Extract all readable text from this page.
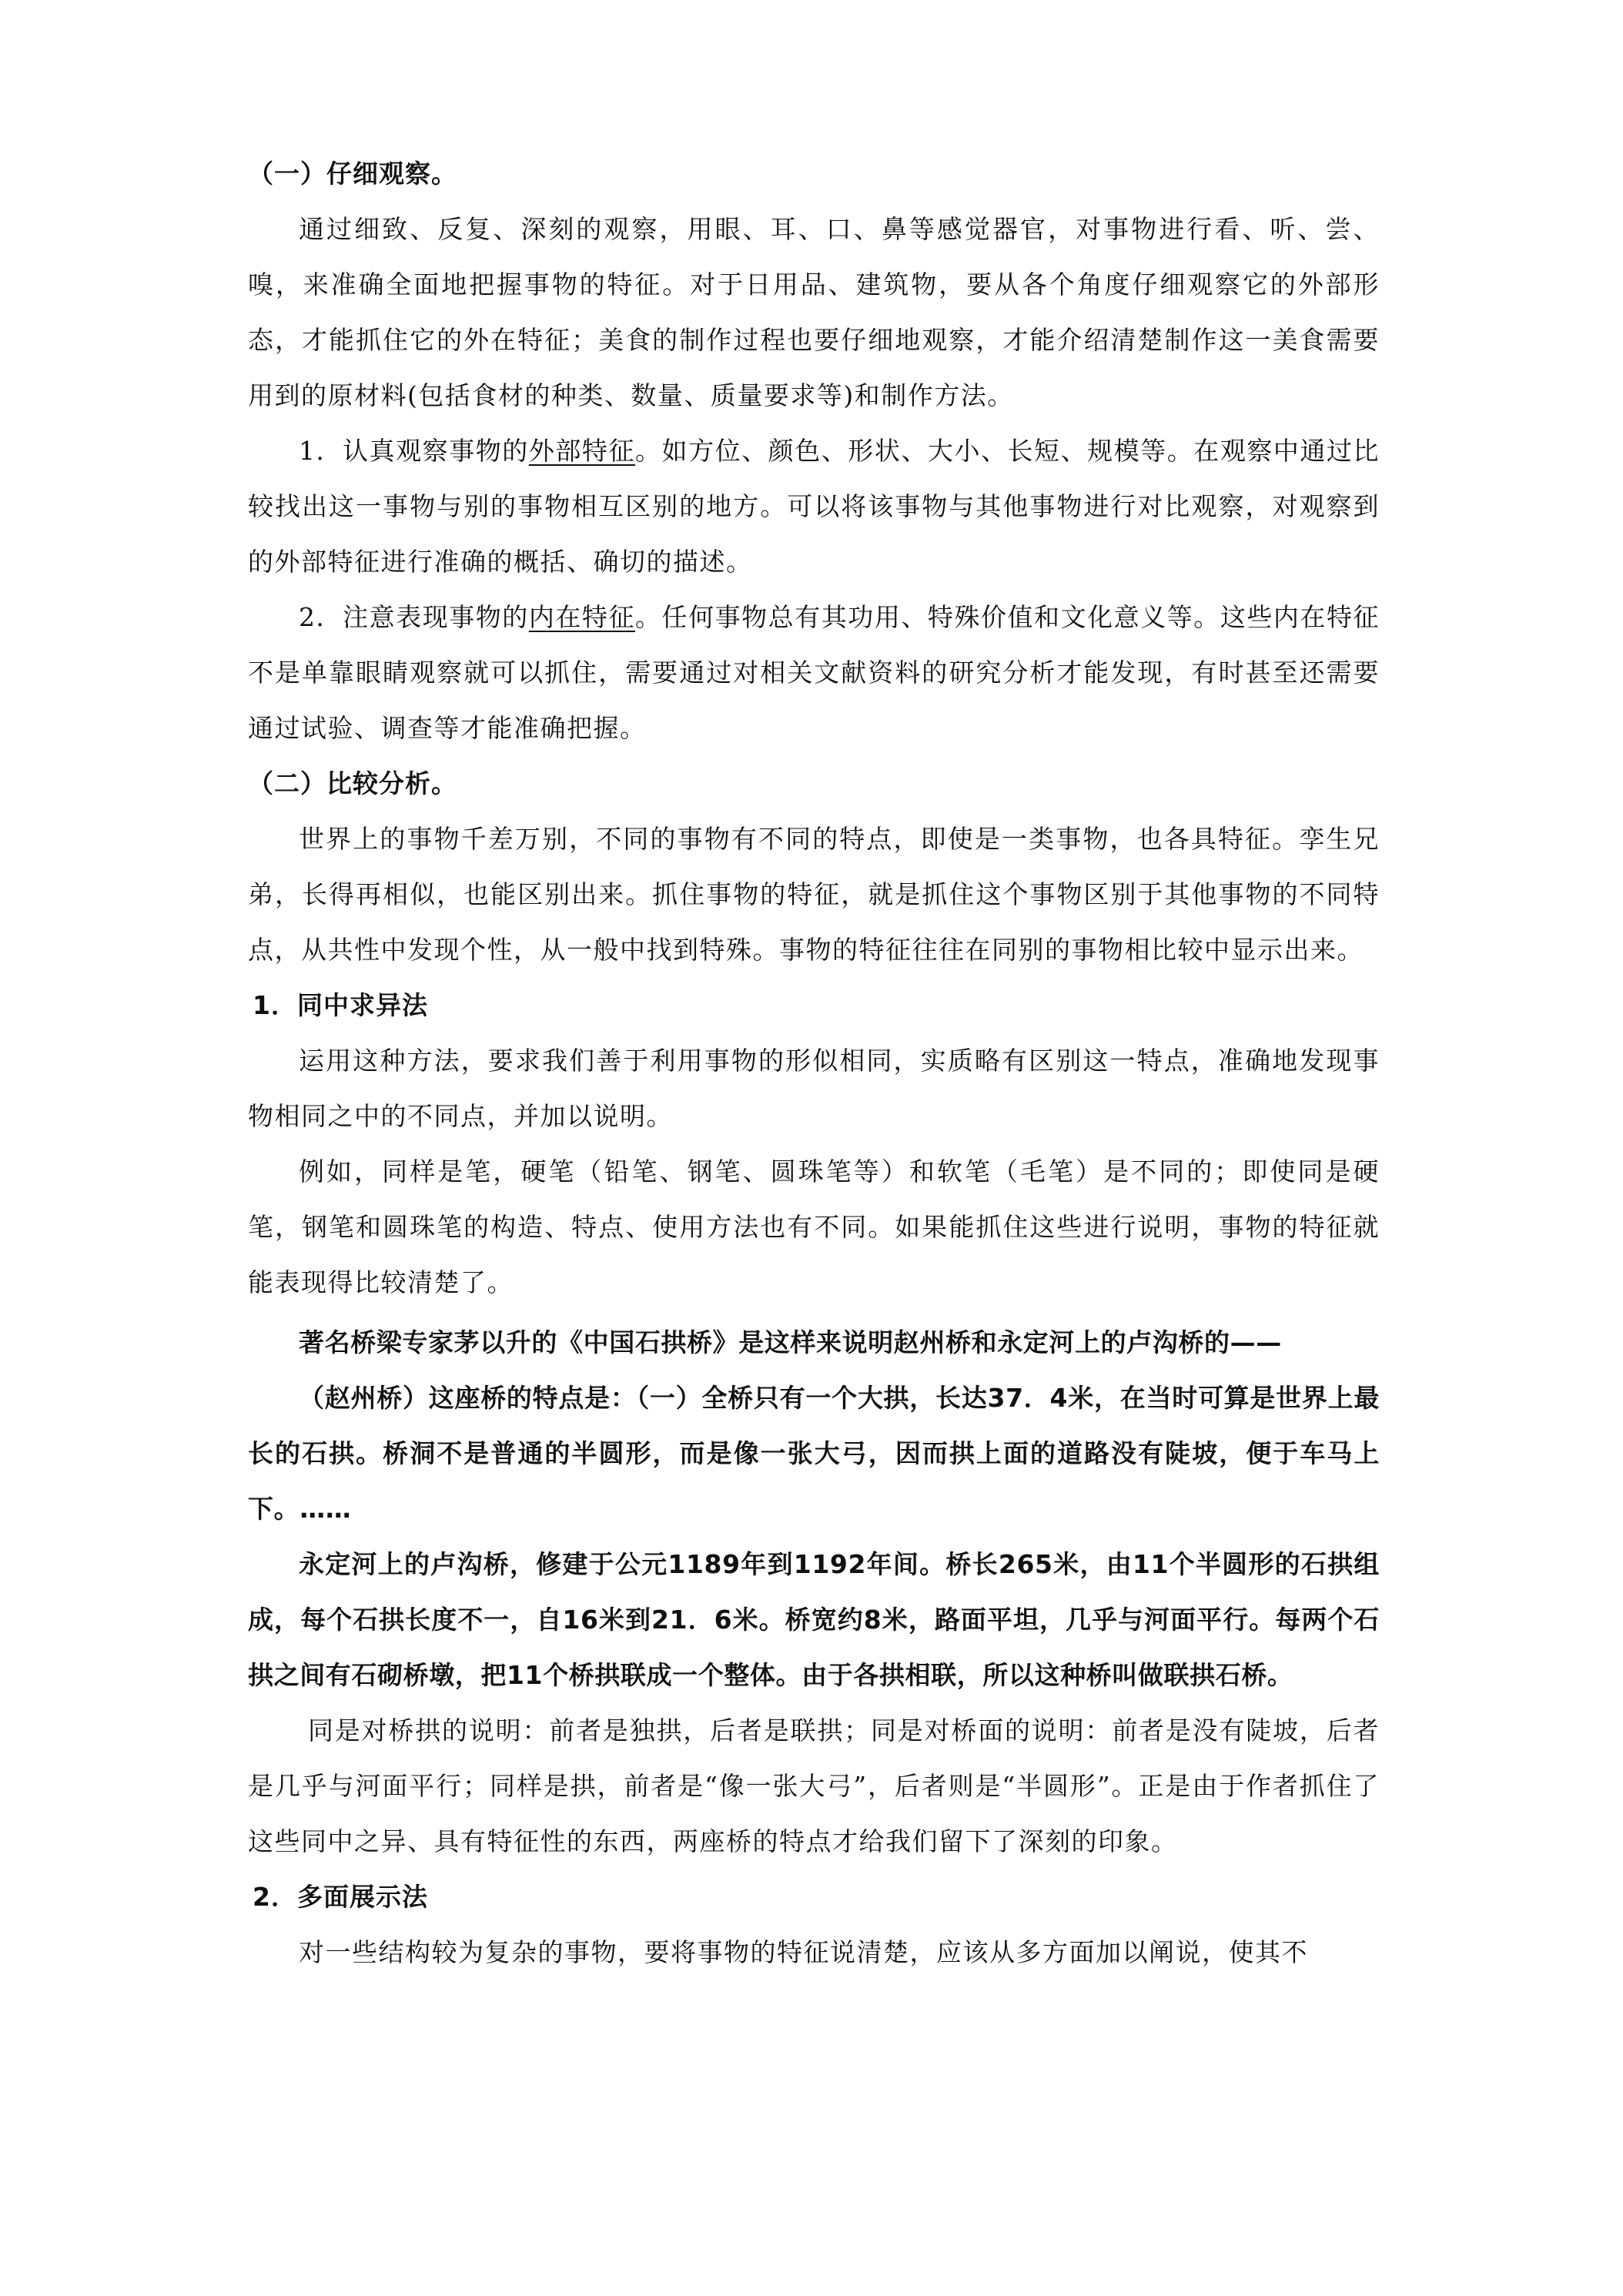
（一）仔细观察。

通过细致、反复、深刻的观察，用眼、耳、口、鼻等感觉器官，对事物进行看、听、尝、嗅，来准确全面地把握事物的特征。对于日用品、建筑物，要从各个角度仔细观察它的外部形态，才能抓住它的外在特征；美食的制作过程也要仔细地观察，才能介绍清楚制作这一美食需要用到的原材料(包括食材的种类、数量、质量要求等)和制作方法。

1．认真观察事物的外部特征。如方位、颜色、形状、大小、长短、规模等。在观察中通过比较找出这一事物与别的事物相互区别的地方。可以将该事物与其他事物进行对比观察，对观察到的外部特征进行准确的概括、确切的描述。

2．注意表现事物的内在特征。任何事物总有其功用、特殊价值和文化意义等。这些内在特征不是单靠眼睛观察就可以抓住，需要通过对相关文献资料的研究分析才能发现，有时甚至还需要通过试验、调查等才能准确把握。

（二）比较分析。

世界上的事物千差万别，不同的事物有不同的特点，即使是一类事物，也各具特征。孪生兄弟，长得再相似，也能区别出来。抓住事物的特征，就是抓住这个事物区别于其他事物的不同特点，从共性中发现个性，从一般中找到特殊。事物的特征往往在同别的事物相比较中显示出来。

1．同中求异法

运用这种方法，要求我们善于利用事物的形似相同，实质略有区别这一特点，准确地发现事物相同之中的不同点，并加以说明。

例如，同样是笔，硬笔（铅笔、钢笔、圆珠笔等）和软笔（毛笔）是不同的；即使同是硬笔，钢笔和圆珠笔的构造、特点、使用方法也有不同。如果能抓住这些进行说明，事物的特征就能表现得比较清楚了。

著名桥梁专家茅以升的《中国石拱桥》是这样来说明赵州桥和永定河上的卢沟桥的——

（赵州桥）这座桥的特点是：（一）全桥只有一个大拱，长达37．4米，在当时可算是世界上最长的石拱。桥洞不是普通的半圆形，而是像一张大弓，因而拱上面的道路没有陡坡，便于车马上下。……

永定河上的卢沟桥，修建于公元1189年到1192年间。桥长265米，由11个半圆形的石拱组成，每个石拱长度不一，自16米到21．6米。桥宽约8米，路面平坦，几乎与河面平行。每两个石拱之间有石砌桥墩，把11个桥拱联成一个整体。由于各拱相联，所以这种桥叫做联拱石桥。

同是对桥拱的说明：前者是独拱，后者是联拱；同是对桥面的说明：前者是没有陡坡，后者是几乎与河面平行；同样是拱，前者是“像一张大弓”，后者则是“半圆形”。正是由于作者抓住了这些同中之异、具有特征性的东西，两座桥的特点才给我们留下了深刻的印象。

2．多面展示法

对一些结构较为复杂的事物，要将事物的特征说清楚，应该从多方面加以阐说，使其不
